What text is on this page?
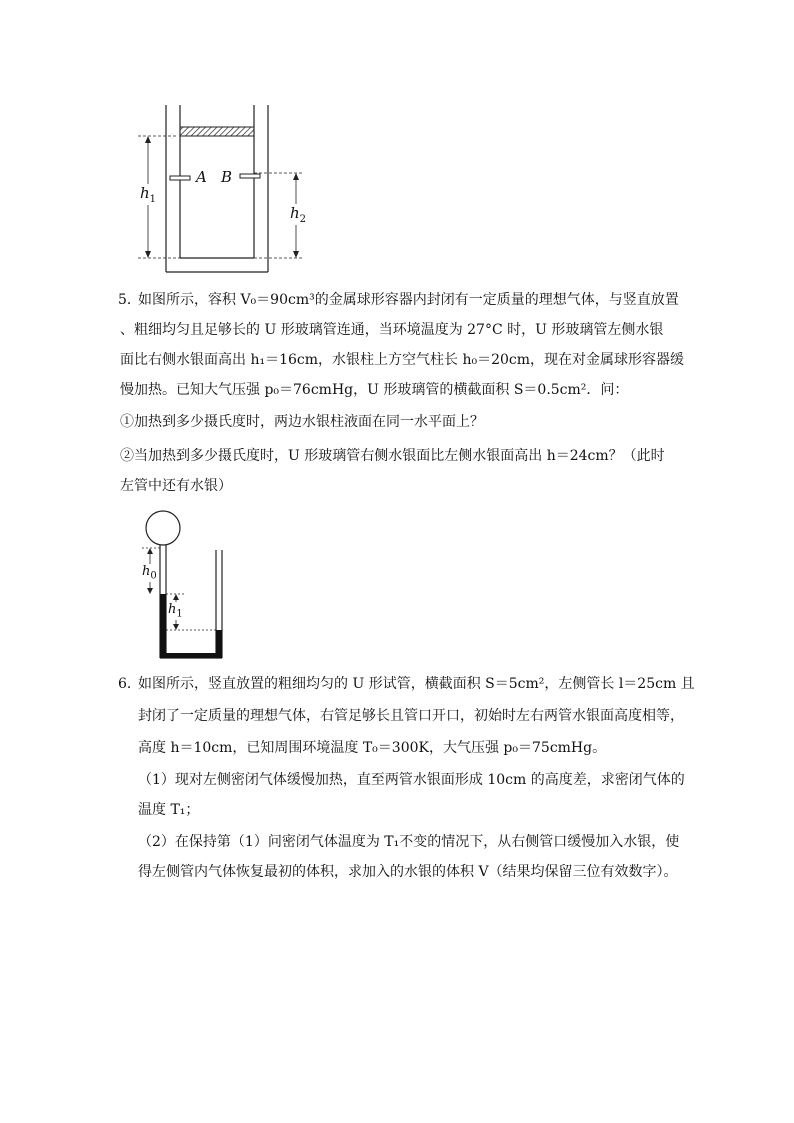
A B
$h_1$
$h_2$
5．
如图所示，容积 V₀＝90cm³的金属球形容器内封闭有一定质量的理想气体，与竖直放置
、粗细均匀且足够长的 U 形玻璃管连通，当环境温度为 27°C 时，U 形玻璃管左侧水银
面比右侧水银面高出 h₁＝16cm，水银柱上方空气柱长 h₀＝20cm，现在对金属球形容器缓
慢加热。已知大气压强 p₀＝76cmHg，U 形玻璃管的横截面积 S＝0.5cm²．问：
①加热到多少摄氏度时，两边水银柱液面在同一水平面上？
②当加热到多少摄氏度时，U 形玻璃管右侧水银面比左侧水银面高出 h＝24cm？（此时
左管中还有水银）
$h_0$
$h_1$
6．
如图所示，竖直放置的粗细均匀的 U 形试管，横截面积 S＝5cm²，左侧管长 l＝25cm 且
封闭了一定质量的理想气体，右管足够长且管口开口，初始时左右两管水银面高度相等，
高度 h＝10cm，已知周围环境温度 T₀＝300K，大气压强 p₀＝75cmHg。
（1）现对左侧密闭气体缓慢加热，直至两管水银面形成 10cm 的高度差，求密闭气体的
温度 T₁；
（2）在保持第（1）问密闭气体温度为 T₁不变的情况下，从右侧管口缓慢加入水银，使
得左侧管内气体恢复最初的体积，求加入的水银的体积 V（结果均保留三位有效数字）。
